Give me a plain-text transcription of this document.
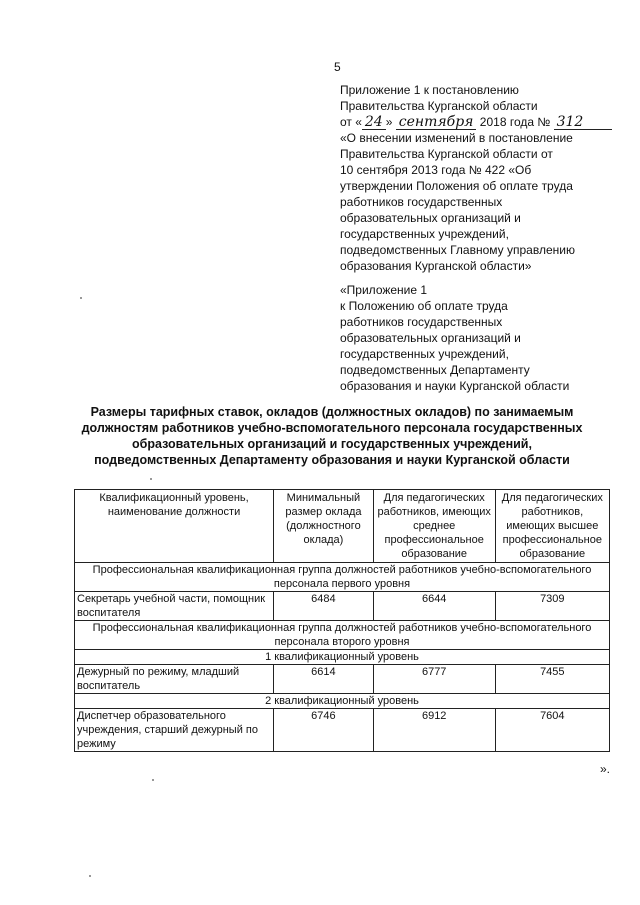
5
Приложение 1 к постановлению
Правительства Курганской области
от « 24 » сентября 2018 года № 312
«О внесении изменений в постановление
Правительства Курганской области от
10 сентября 2013 года № 422 «Об
утверждении Положения об оплате труда
работников государственных
образовательных организаций и
государственных учреждений,
подведомственных Главному управлению
образования Курганской области»
«Приложение 1
к Положению об оплате труда
работников государственных
образовательных организаций и
государственных учреждений,
подведомственных Департаменту
образования и науки Курганской области
Размеры тарифных ставок, окладов (должностных окладов) по занимаемым должностям работников учебно-вспомогательного персонала государственных образовательных организаций и государственных учреждений, подведомственных Департаменту образования и науки Курганской области
Квалификационный уровень, наименование должности	Минимальный размер оклада (должностного оклада)	Для педагогических работников, имеющих среднее профессиональное образование	Для педагогических работников, имеющих высшее профессиональное образование
Профессиональная квалификационная группа должностей работников учебно-вспомогательного персонала первого уровня			
Секретарь учебной части, помощник воспитателя	6484	6644	7309
Профессиональная квалификационная группа должностей работников учебно-вспомогательного персонала второго уровня			
1 квалификационный уровень			
Дежурный по режиму, младший воспитатель	6614	6777	7455
2 квалификационный уровень			
Диспетчер образовательного учреждения, старший дежурный по режиму	6746	6912	7604
».
